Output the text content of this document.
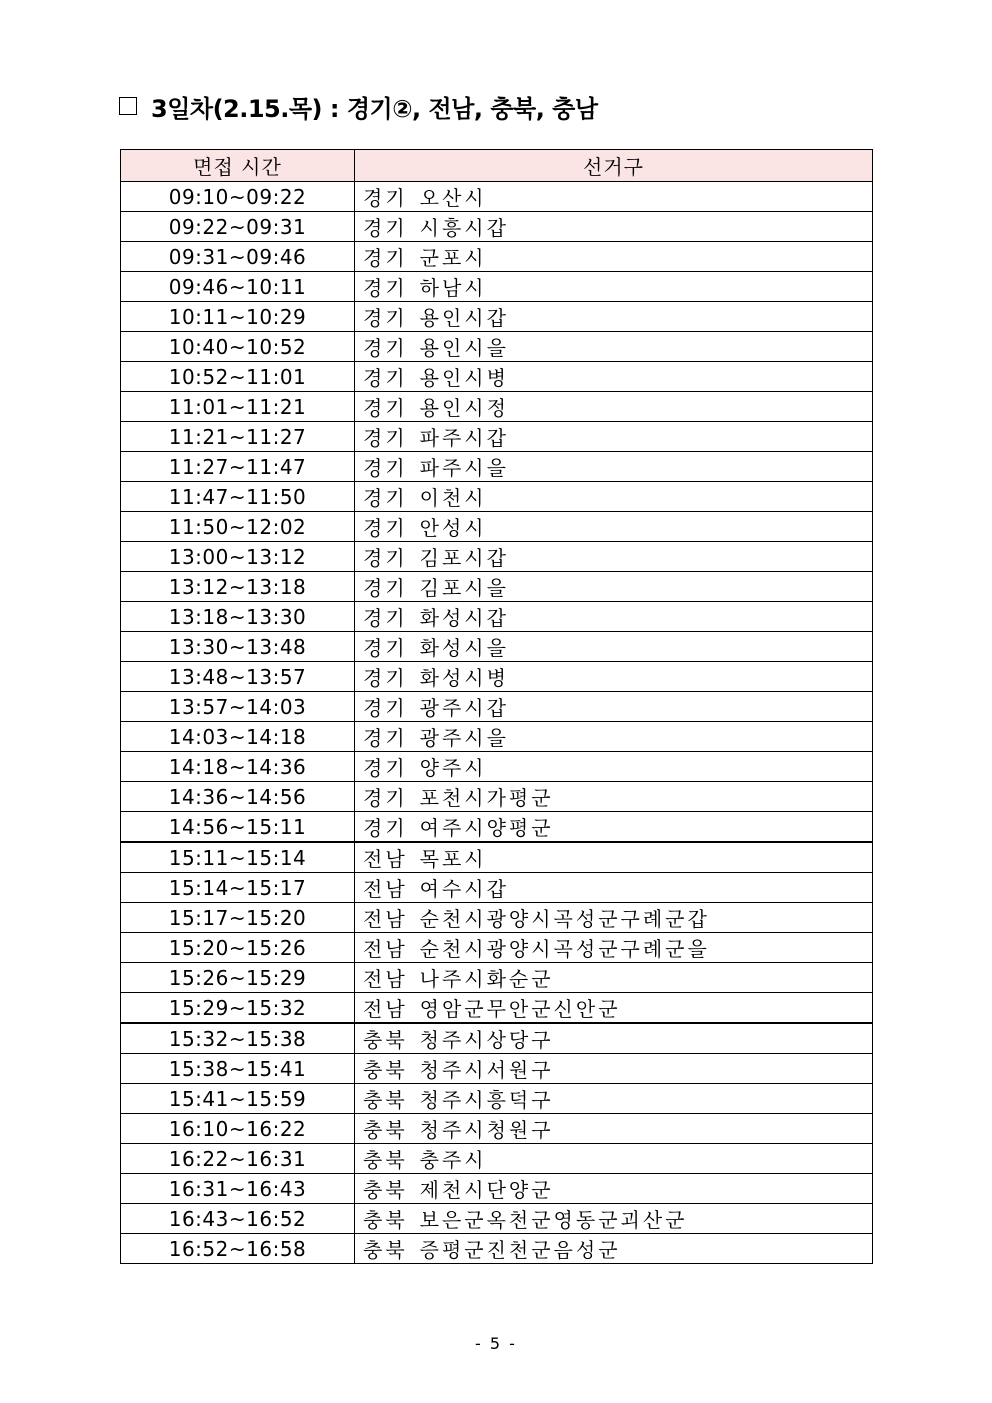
3일차(2.15.목) : 경기②, 전남, 충북, 충남
면접 시간	선거구
09:10~09:22	경기 오산시
09:22~09:31	경기 시흥시갑
09:31~09:46	경기 군포시
09:46~10:11	경기 하남시
10:11~10:29	경기 용인시갑
10:40~10:52	경기 용인시을
10:52~11:01	경기 용인시병
11:01~11:21	경기 용인시정
11:21~11:27	경기 파주시갑
11:27~11:47	경기 파주시을
11:47~11:50	경기 이천시
11:50~12:02	경기 안성시
13:00~13:12	경기 김포시갑
13:12~13:18	경기 김포시을
13:18~13:30	경기 화성시갑
13:30~13:48	경기 화성시을
13:48~13:57	경기 화성시병
13:57~14:03	경기 광주시갑
14:03~14:18	경기 광주시을
14:18~14:36	경기 양주시
14:36~14:56	경기 포천시가평군
14:56~15:11	경기 여주시양평군
15:11~15:14	전남 목포시
15:14~15:17	전남 여수시갑
15:17~15:20	전남 순천시광양시곡성군구례군갑
15:20~15:26	전남 순천시광양시곡성군구례군을
15:26~15:29	전남 나주시화순군
15:29~15:32	전남 영암군무안군신안군
15:32~15:38	충북 청주시상당구
15:38~15:41	충북 청주시서원구
15:41~15:59	충북 청주시흥덕구
16:10~16:22	충북 청주시청원구
16:22~16:31	충북 충주시
16:31~16:43	충북 제천시단양군
16:43~16:52	충북 보은군옥천군영동군괴산군
16:52~16:58	충북 증평군진천군음성군
- 5 -
